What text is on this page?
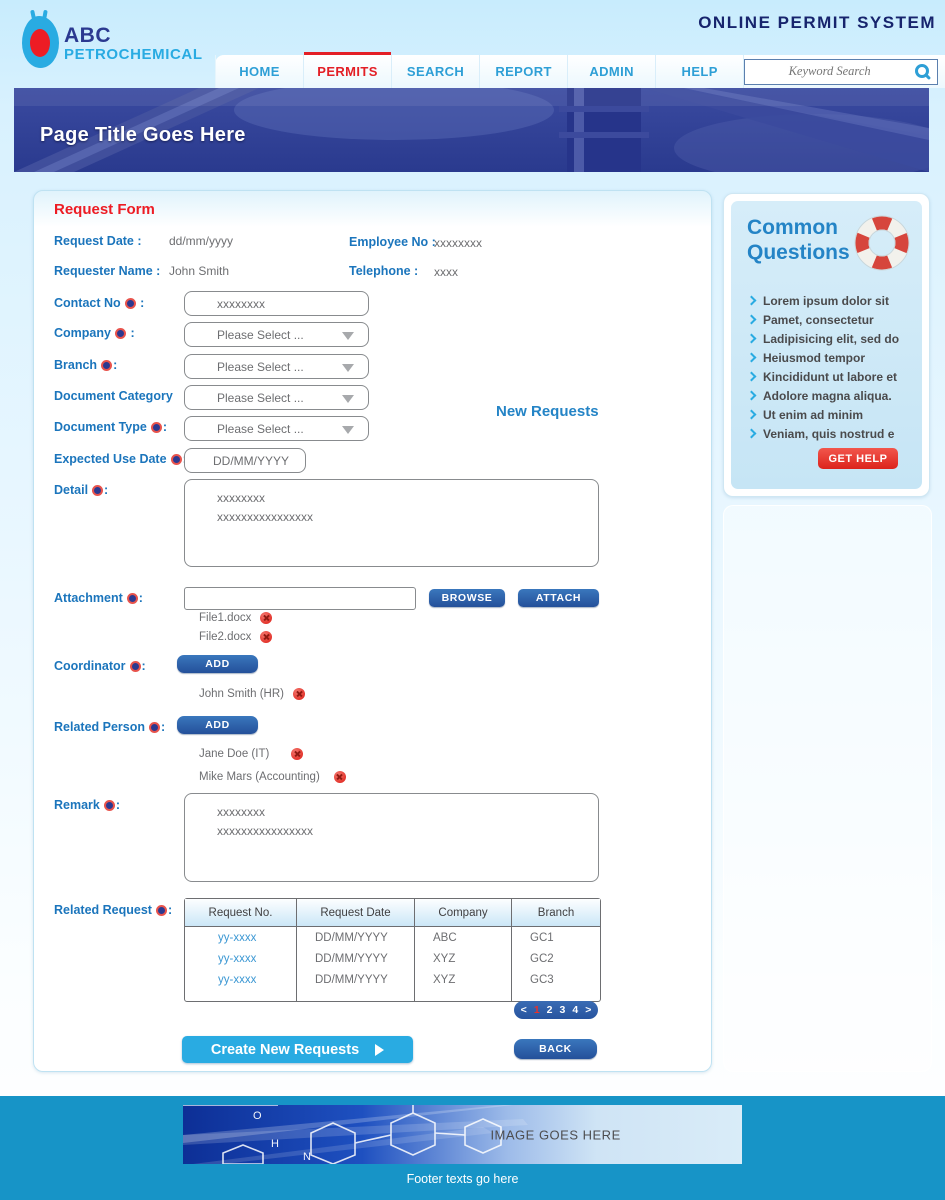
ABC
PETROCHEMICAL
ONLINE PERMIT SYSTEM
HOME	PERMITS	SEARCH	REPORT	ADMIN	HELP
Keyword Search
Page Title Goes Here
Request Form
Request Date : dd/mm/yyyy	Employee No :
xxxxxxxx
Requester Name : John Smith	Telephone : xxxx
Contact No :
xxxxxxxx
Company :	Please Select ...
Branch :	Please Select ...
Document Category	Please Select ...
Document Type :	Please Select ...
New Requests
Expected Use Date
DD/MM/YYYY
Detail :
xxxxxxxx xxxxxxxxxxxxxxxx
Attachment :	BROWSE	ATTACH
File1.docx
File2.docx
Coordinator :	ADD
John Smith (HR)
Related Person :	ADD
Jane Doe (IT)
Mike Mars (Accounting)
Remark :
xxxxxxxx xxxxxxxxxxxxxxxx
Related Request :	Request No.	Request Date	Company	Branch
yy-xxxx	DD/MM/YYYY	ABC	GC1
yy-xxxx	DD/MM/YYYY	XYZ	GC2
yy-xxxx	DD/MM/YYYY	XYZ	GC3

< 1 2 3 4 >
Create New Requests	BACK
Common Questions
Lorem ipsum dolor sit
Pamet, consectetur
Ladipisicing elit, sed do
Heiusmod tempor
Kincididunt ut labore et
Adolore magna aliqua.
Ut enim ad minim
Veniam, quis nostrud e
GET HELP
O
H
N
IMAGE GOES HERE
Footer texts go here
